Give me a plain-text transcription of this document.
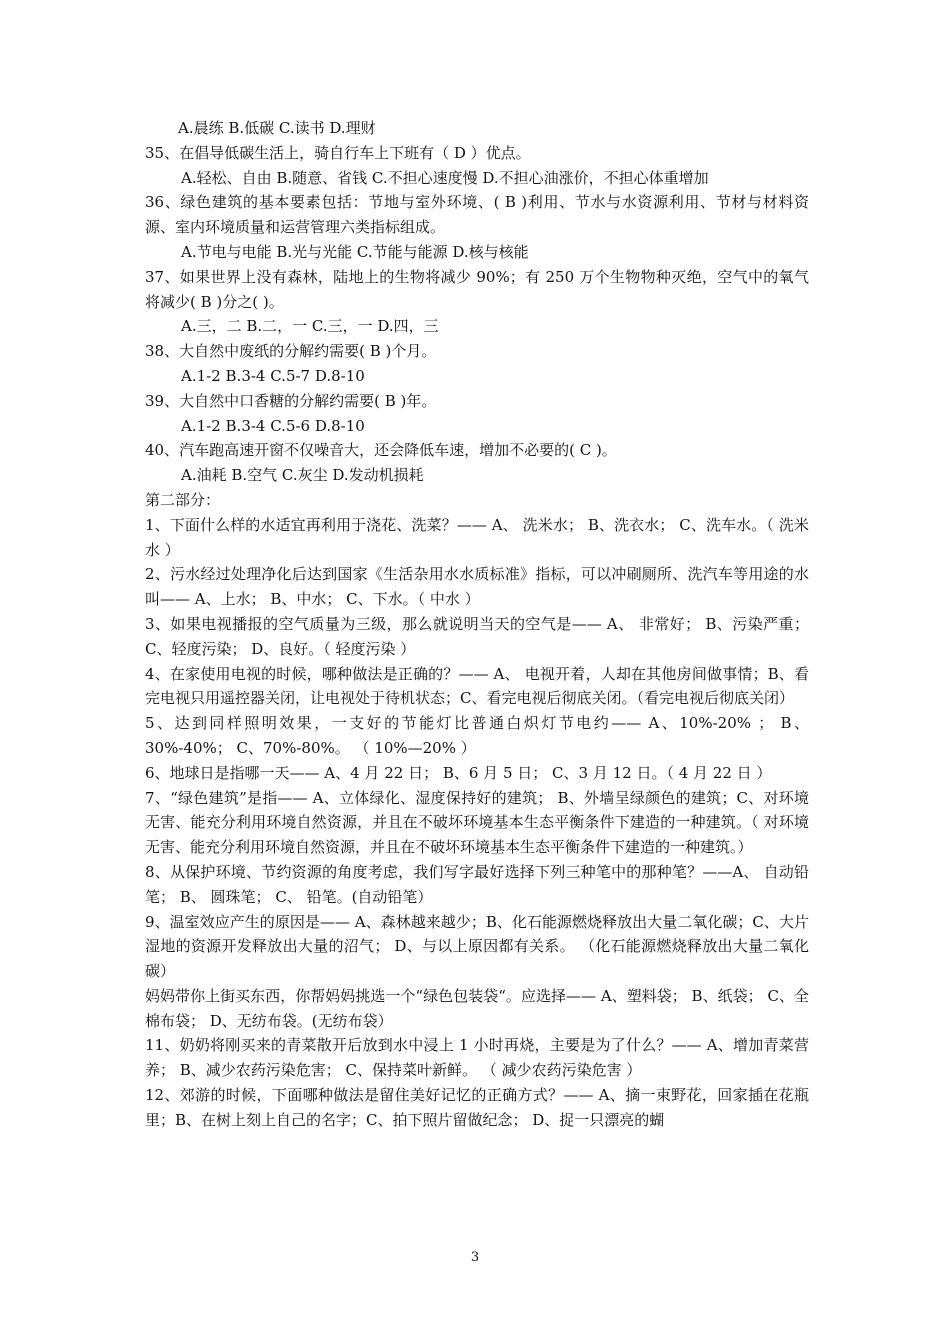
A.晨练 B.低碳 C.读书 D.理财
35、在倡导低碳生活上，骑自行车上下班有（ D ）优点。
A.轻松、自由 B.随意、省钱 C.不担心速度慢 D.不担心油涨价，不担心体重增加
36、绿色建筑的基本要素包括：节地与室外环境、( B )利用、节水与水资源利用、节材与材料资源、室内环境质量和运营管理六类指标组成。
A.节电与电能 B.光与光能 C.节能与能源 D.核与核能
37、如果世界上没有森林，陆地上的生物将减少 90%；有 250 万个生物物种灭绝，空气中的氧气将减少( B )分之( )。
A.三，二 B.二，一 C.三，一 D.四，三
38、大自然中废纸的分解约需要( B )个月。
A.1-2 B.3-4 C.5-7 D.8-10
39、大自然中口香糖的分解约需要( B )年。
A.1-2 B.3-4 C.5-6 D.8-10
40、汽车跑高速开窗不仅噪音大，还会降低车速，增加不必要的( C )。
A.油耗 B.空气 C.灰尘 D.发动机损耗
第二部分：
1、下面什么样的水适宜再利用于浇花、洗菜？—— A、 洗米水； B、洗衣水； C、洗车水。（ 洗米水 ）
2、污水经过处理净化后达到国家《生活杂用水水质标准》指标，可以冲刷厕所、洗汽车等用途的水叫—— A、上水； B、中水； C、下水。（ 中水 ）
3、如果电视播报的空气质量为三级，那么就说明当天的空气是—— A、 非常好； B、污染严重； C、轻度污染； D、良好。（ 轻度污染 ）
4、在家使用电视的时候，哪种做法是正确的？—— A、 电视开着，人却在其他房间做事情；B、看完电视只用遥控器关闭，让电视处于待机状态；C、看完电视后彻底关闭。（看完电视后彻底关闭）
5、达到同样照明效果，一支好的节能灯比普通白炽灯节电约—— A、10%-20% ； B、30%-40%； C、70%-80%。 （ 10%—20% ）
6、地球日是指哪一天—— A、4 月 22 日； B、6 月 5 日； C、3 月 12 日。（ 4 月 22 日 ）
7、“绿色建筑”是指—— A、立体绿化、湿度保持好的建筑； B、外墙呈绿颜色的建筑；C、对环境无害、能充分利用环境自然资源，并且在不破坏环境基本生态平衡条件下建造的一种建筑。（ 对环境无害、能充分利用环境自然资源，并且在不破坏环境基本生态平衡条件下建造的一种建筑。）
8、从保护环境、节约资源的角度考虑，我们写字最好选择下列三种笔中的那种笔？——A、 自动铅笔； B、 圆珠笔； C、 铅笔。(自动铅笔）
9、温室效应产生的原因是—— A、森林越来越少；B、化石能源燃烧释放出大量二氧化碳；C、大片湿地的资源开发释放出大量的沼气； D、与以上原因都有关系。 （化石能源燃烧释放出大量二氧化碳）
妈妈带你上街买东西，你帮妈妈挑选一个“绿色包装袋“。应选择—— A、塑料袋； B、纸袋； C、全棉布袋； D、无纺布袋。(无纺布袋）
11、奶奶将刚买来的青菜散开后放到水中浸上 1 小时再烧，主要是为了什么？—— A、增加青菜营养； B、减少农药污染危害； C、保持菜叶新鲜。 （ 减少农药污染危害 ）
12、郊游的时候，下面哪种做法是留住美好记忆的正确方式？—— A、摘一束野花，回家插在花瓶里；B、在树上刻上自己的名字；C、拍下照片留做纪念； D、捉一只漂亮的蝴
3
